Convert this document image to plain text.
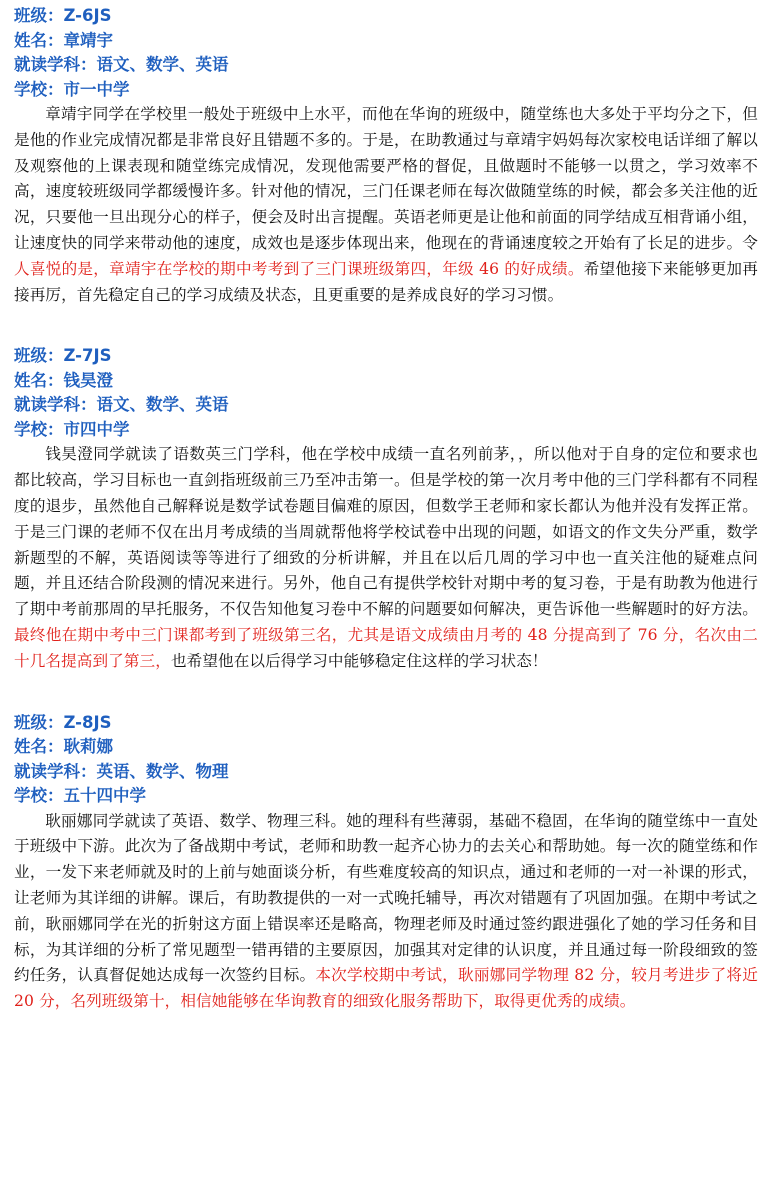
班级：Z-6JS
姓名：章靖宇
就读学科：语文、数学、英语
学校：市一中学

章靖宇同学在学校里一般处于班级中上水平，而他在华询的班级中，随堂练也大多处于平均分之下，但是他的作业完成情况都是非常良好且错题不多的。于是，在助教通过与章靖宇妈妈每次家校电话详细了解以及观察他的上课表现和随堂练完成情况，发现他需要严格的督促，且做题时不能够一以贯之，学习效率不高，速度较班级同学都缓慢许多。针对他的情况，三门任课老师在每次做随堂练的时候，都会多关注他的近况，只要他一旦出现分心的样子，便会及时出言提醒。英语老师更是让他和前面的同学结成互相背诵小组，让速度快的同学来带动他的速度，成效也是逐步体现出来，他现在的背诵速度较之开始有了长足的进步。令人喜悦的是，章靖宇在学校的期中考考到了三门课班级第四，年级 46 的好成绩。希望他接下来能够更加再接再厉，首先稳定自己的学习成绩及状态，且更重要的是养成良好的学习习惯。

班级：Z-7JS
姓名：钱昊澄
就读学科：语文、数学、英语
学校：市四中学

钱昊澄同学就读了语数英三门学科，他在学校中成绩一直名列前茅，，所以他对于自身的定位和要求也都比较高，学习目标也一直剑指班级前三乃至冲击第一。但是学校的第一次月考中他的三门学科都有不同程度的退步，虽然他自己解释说是数学试卷题目偏难的原因，但数学王老师和家长都认为他并没有发挥正常。于是三门课的老师不仅在出月考成绩的当周就帮他将学校试卷中出现的问题，如语文的作文失分严重，数学新题型的不解，英语阅读等等进行了细致的分析讲解，并且在以后几周的学习中也一直关注他的疑难点问题，并且还结合阶段测的情况来进行。另外，他自己有提供学校针对期中考的复习卷，于是有助教为他进行了期中考前那周的早托服务，不仅告知他复习卷中不解的问题要如何解决，更告诉他一些解题时的好方法。最终他在期中考中三门课都考到了班级第三名，尤其是语文成绩由月考的 48 分提高到了 76 分，名次由二十几名提高到了第三，也希望他在以后得学习中能够稳定住这样的学习状态！

班级：Z-8JS
姓名：耿莉娜
就读学科：英语、数学、物理
学校：五十四中学

耿丽娜同学就读了英语、数学、物理三科。她的理科有些薄弱，基础不稳固，在华询的随堂练中一直处于班级中下游。此次为了备战期中考试，老师和助教一起齐心协力的去关心和帮助她。每一次的随堂练和作业，一发下来老师就及时的上前与她面谈分析，有些难度较高的知识点，通过和老师的一对一补课的形式，让老师为其详细的讲解。课后，有助教提供的一对一式晚托辅导，再次对错题有了巩固加强。在期中考试之前，耿丽娜同学在光的折射这方面上错误率还是略高，物理老师及时通过签约跟进强化了她的学习任务和目标，为其详细的分析了常见题型一错再错的主要原因，加强其对定律的认识度，并且通过每一阶段细致的签约任务，认真督促她达成每一次签约目标。本次学校期中考试，耿丽娜同学物理 82 分，较月考进步了将近 20 分，名列班级第十，相信她能够在华询教育的细致化服务帮助下，取得更优秀的成绩。
